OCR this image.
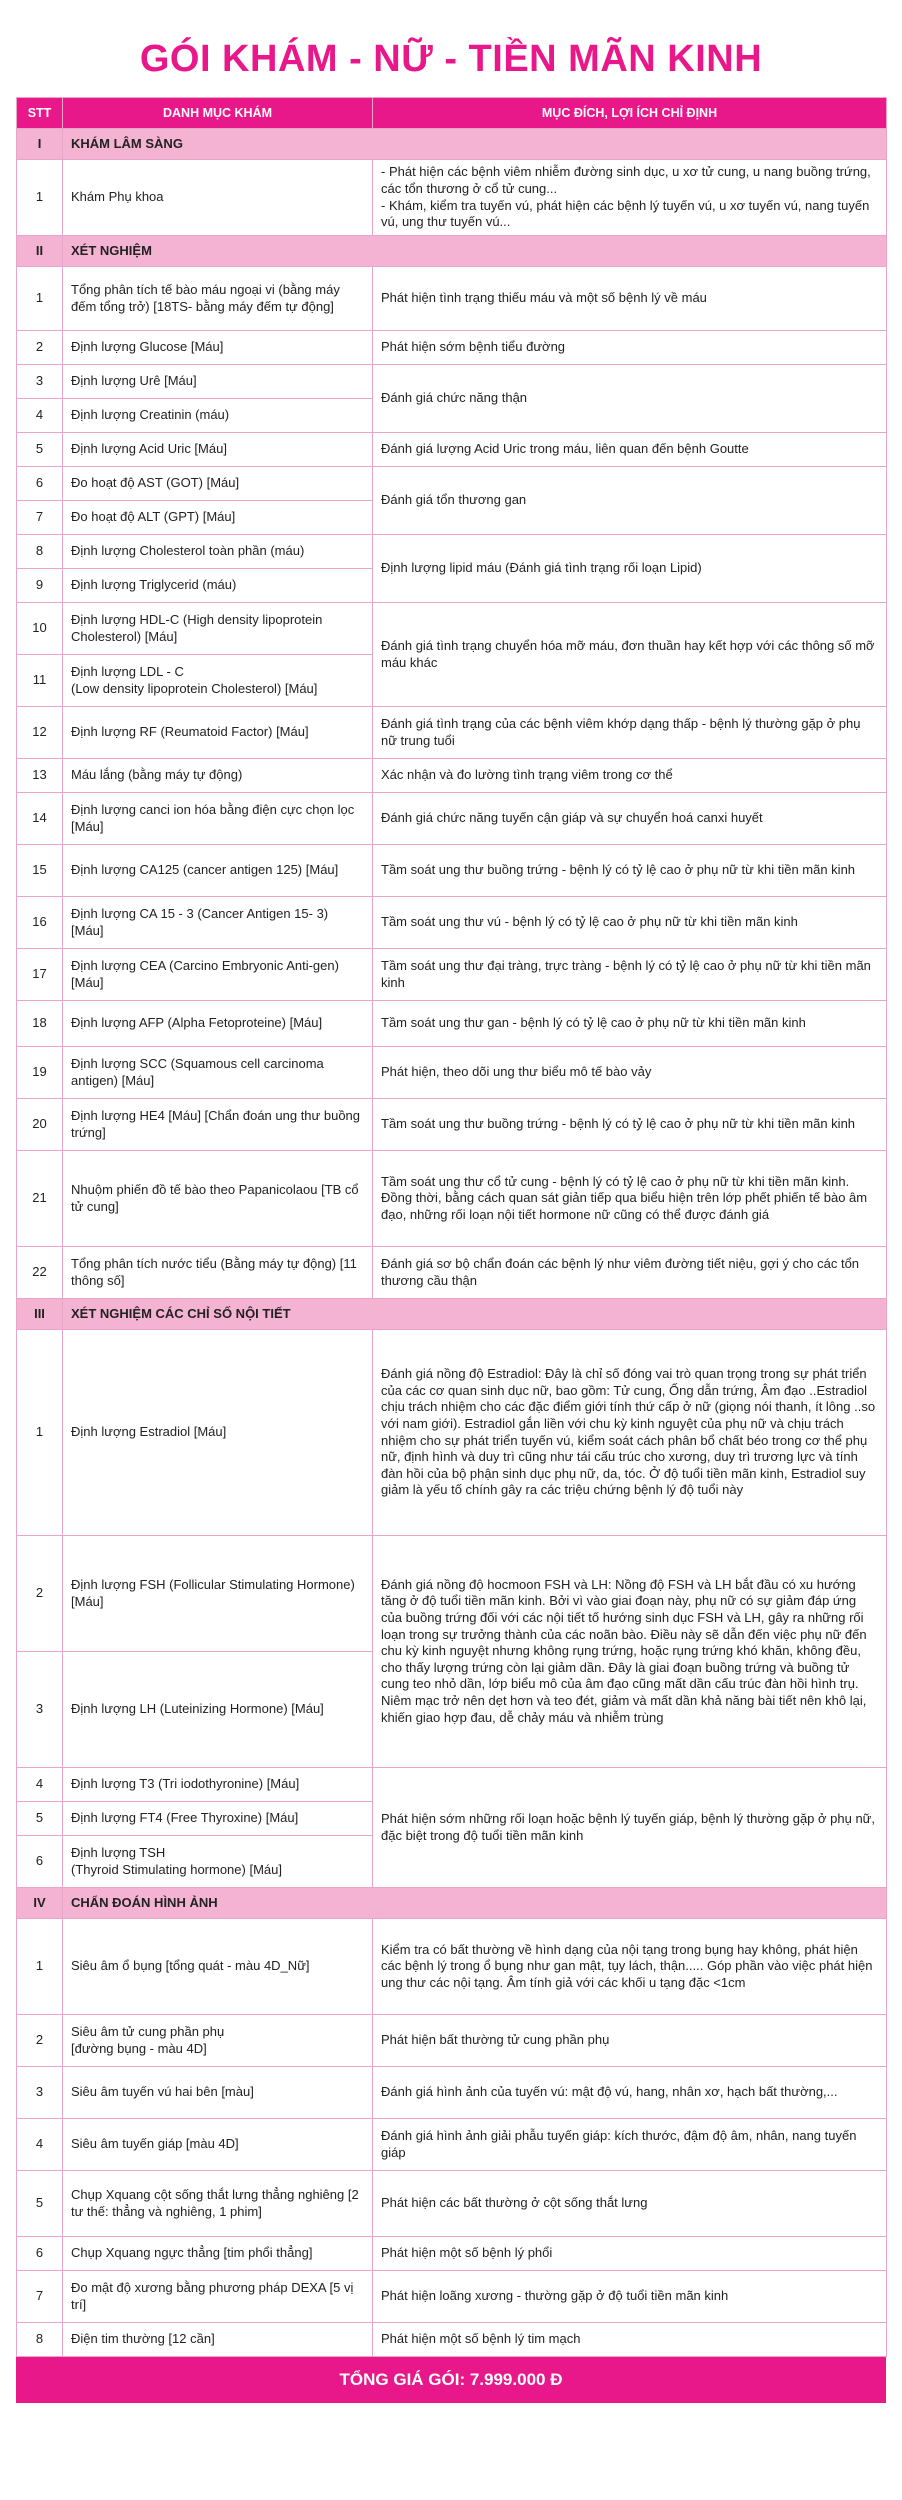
GÓI KHÁM - NỮ - TIỀN MÃN KINH
STT	DANH MỤC KHÁM	MỤC ĐÍCH, LỢI ÍCH CHỈ ĐỊNH
I	KHÁM LÂM SÀNG	
1	Khám Phụ khoa	- Phát hiện các bệnh viêm nhiễm đường sinh dục, u xơ tử cung, u nang buồng trứng, các tổn thương ở cổ tử cung...
- Khám, kiểm tra tuyến vú, phát hiện các bệnh lý tuyến vú, u xơ tuyến vú, nang tuyến vú, ung thư tuyến vú...
II	XÉT NGHIỆM	
1	Tổng phân tích tế bào máu ngoại vi (bằng máy đếm tổng trở) [18TS- bằng máy đếm tự động]	Phát hiện tình trạng thiếu máu và một số bệnh lý về máu
2	Định lượng Glucose [Máu]	Phát hiện sớm bệnh tiểu đường
3	Định lượng Urê [Máu]	Đánh giá chức năng thận
4	Định lượng Creatinin (máu)	
5	Định lượng Acid Uric [Máu]	Đánh giá lượng Acid Uric trong máu, liên quan đến bệnh Goutte
6	Đo hoạt độ AST (GOT) [Máu]	Đánh giá tổn thương gan
7	Đo hoạt độ ALT (GPT) [Máu]	
8	Định lượng Cholesterol toàn phần (máu)	Định lượng lipid máu (Đánh giá tình trạng rối loạn Lipid)
9	Định lượng Triglycerid (máu)	
10	Định lượng HDL-C (High density lipoprotein Cholesterol) [Máu]	Đánh giá tình trạng chuyển hóa mỡ máu, đơn thuần hay kết hợp với các thông số mỡ máu khác
11	Định lượng LDL - C
(Low density lipoprotein Cholesterol) [Máu]	
12	Định lượng RF (Reumatoid Factor) [Máu]	Đánh giá tình trạng của các bệnh viêm khớp dạng thấp - bệnh lý thường gặp ở phụ nữ trung tuổi
13	Máu lắng (bằng máy tự động)	Xác nhận và đo lường tình trạng viêm trong cơ thể
14	Định lượng canci ion hóa bằng điện cực chọn lọc [Máu]	Đánh giá chức năng tuyến cận giáp và sự chuyển hoá canxi huyết
15	Định lượng CA125 (cancer antigen 125) [Máu]	Tầm soát ung thư buồng trứng - bệnh lý có tỷ lệ cao ở phụ nữ từ khi tiền mãn kinh
16	Định lượng CA 15 - 3 (Cancer Antigen 15- 3) [Máu]	Tầm soát ung thư vú - bệnh lý có tỷ lệ cao ở phụ nữ từ khi tiền mãn kinh
17	Định lượng CEA (Carcino Embryonic Anti-gen) [Máu]	Tầm soát ung thư đại tràng, trực tràng - bệnh lý có tỷ lệ cao ở phụ nữ từ khi tiền mãn kinh
18	Định lượng AFP (Alpha Fetoproteine) [Máu]	Tầm soát ung thư gan - bệnh lý có tỷ lệ cao ở phụ nữ từ khi tiền mãn kinh
19	Định lượng SCC (Squamous cell carcinoma antigen) [Máu]	Phát hiện, theo dõi ung thư biểu mô tế bào vảy
20	Định lượng HE4 [Máu] [Chẩn đoán ung thư buồng trứng]	Tầm soát ung thư buồng trứng - bệnh lý có tỷ lệ cao ở phụ nữ từ khi tiền mãn kinh
21	Nhuộm phiến đồ tế bào theo Papanicolaou [TB cổ tử cung]	Tầm soát ung thư cổ tử cung - bệnh lý có tỷ lệ cao ở phụ nữ từ khi tiền mãn kinh. Đồng thời, bằng cách quan sát giản tiếp qua biểu hiện trên lớp phết phiến tế bào âm đạo, những rối loạn nội tiết hormone nữ cũng có thể được đánh giá
22	Tổng phân tích nước tiểu (Bằng máy tự động) [11 thông số]	Đánh giá sơ bộ chẩn đoán các bệnh lý như viêm đường tiết niệu, gợi ý cho các tổn thương cầu thận
III	XÉT NGHIỆM CÁC CHỈ SỐ NỘI TIẾT	
1	Định lượng Estradiol [Máu]	Đánh giá nồng độ Estradiol: Đây là chỉ số đóng vai trò quan trọng trong sự phát triển của các cơ quan sinh dục nữ, bao gồm: Tử cung, Ống dẫn trứng, Âm đạo ..Estradiol chịu trách nhiệm cho các đặc điểm giới tính thứ cấp ở nữ (giọng nói thanh, ít lông ..so với nam giới). Estradiol gắn liền với chu kỳ kinh nguyệt của phụ nữ và chịu trách nhiệm cho sự phát triển tuyến vú, kiểm soát cách phân bổ chất béo trong cơ thể phụ nữ, định hình và duy trì cũng như tái cấu trúc cho xương, duy trì trương lực và tính đàn hồi của bộ phận sinh dục phụ nữ, da, tóc. Ở độ tuổi tiền mãn kinh, Estradiol suy giảm là yếu tố chính gây ra các triệu chứng bệnh lý độ tuổi này
2	Định lượng FSH (Follicular Stimulating Hormone) [Máu]	Đánh giá nồng độ hocmoon FSH và LH: Nồng độ FSH và LH bắt đầu có xu hướng tăng ở độ tuổi tiền mãn kinh. Bởi vì vào giai đoạn này, phụ nữ có sự giảm đáp ứng của buồng trứng đối với các nội tiết tố hướng sinh dục FSH và LH, gây ra những rối loạn trong sự trưởng thành của các noãn bào. Điều này sẽ dẫn đến việc phụ nữ đến chu kỳ kinh nguyệt nhưng không rụng trứng, hoặc rụng trứng khó khăn, không đều, cho thấy lượng trứng còn lại giảm dần. Đây là giai đoạn buồng trứng và buồng tử cung teo nhỏ dần, lớp biểu mô của âm đạo cũng mất dần cấu trúc đàn hồi hình trụ. Niêm mạc trở nên dẹt hơn và teo đét, giảm và mất dần khả năng bài tiết nên khô lại, khiến giao hợp đau, dễ chảy máu và nhiễm trùng
3	Định lượng LH (Luteinizing Hormone) [Máu]	
4	Định lượng T3 (Tri iodothyronine) [Máu]	Phát hiện sớm những rối loạn hoặc bệnh lý tuyến giáp, bệnh lý thường gặp ở phụ nữ, đặc biệt trong độ tuổi tiền mãn kinh
5	Định lượng FT4 (Free Thyroxine) [Máu]	
6	Định lượng TSH
(Thyroid Stimulating hormone) [Máu]	
IV	CHẨN ĐOÁN HÌNH ẢNH	
1	Siêu âm ổ bụng [tổng quát - màu 4D_Nữ]	Kiểm tra có bất thường về hình dạng của nội tạng trong bụng hay không, phát hiện các bệnh lý trong ổ bụng như gan mật, tụy lách, thận..... Góp phần vào việc phát hiện ung thư các nội tạng. Âm tính giả với các khối u tạng đặc <1cm
2	Siêu âm tử cung phần phụ
[đường bụng - màu 4D]	Phát hiện bất thường tử cung phần phụ
3	Siêu âm tuyến vú hai bên [màu]	Đánh giá hình ảnh của tuyến vú: mật độ vú, hang, nhân xơ, hạch bất thường,...
4	Siêu âm tuyến giáp [màu 4D]	Đánh giá hình ảnh giải phẫu tuyến giáp: kích thước, đậm độ âm, nhân, nang tuyến giáp
5	Chụp Xquang cột sống thắt lưng thẳng nghiêng [2 tư thế: thẳng và nghiêng, 1 phim]	Phát hiện các bất thường ở cột sống thắt lưng
6	Chụp Xquang ngực thẳng [tim phổi thẳng]	Phát hiện một số bệnh lý phổi
7	Đo mật độ xương bằng phương pháp DEXA [5 vị trí]	Phát hiện loãng xương - thường gặp ở độ tuổi tiền mãn kinh
8	Điện tim thường [12 cần]	Phát hiện một số bệnh lý tim mạch
TỔNG GIÁ GÓI: 7.999.000 Đ
